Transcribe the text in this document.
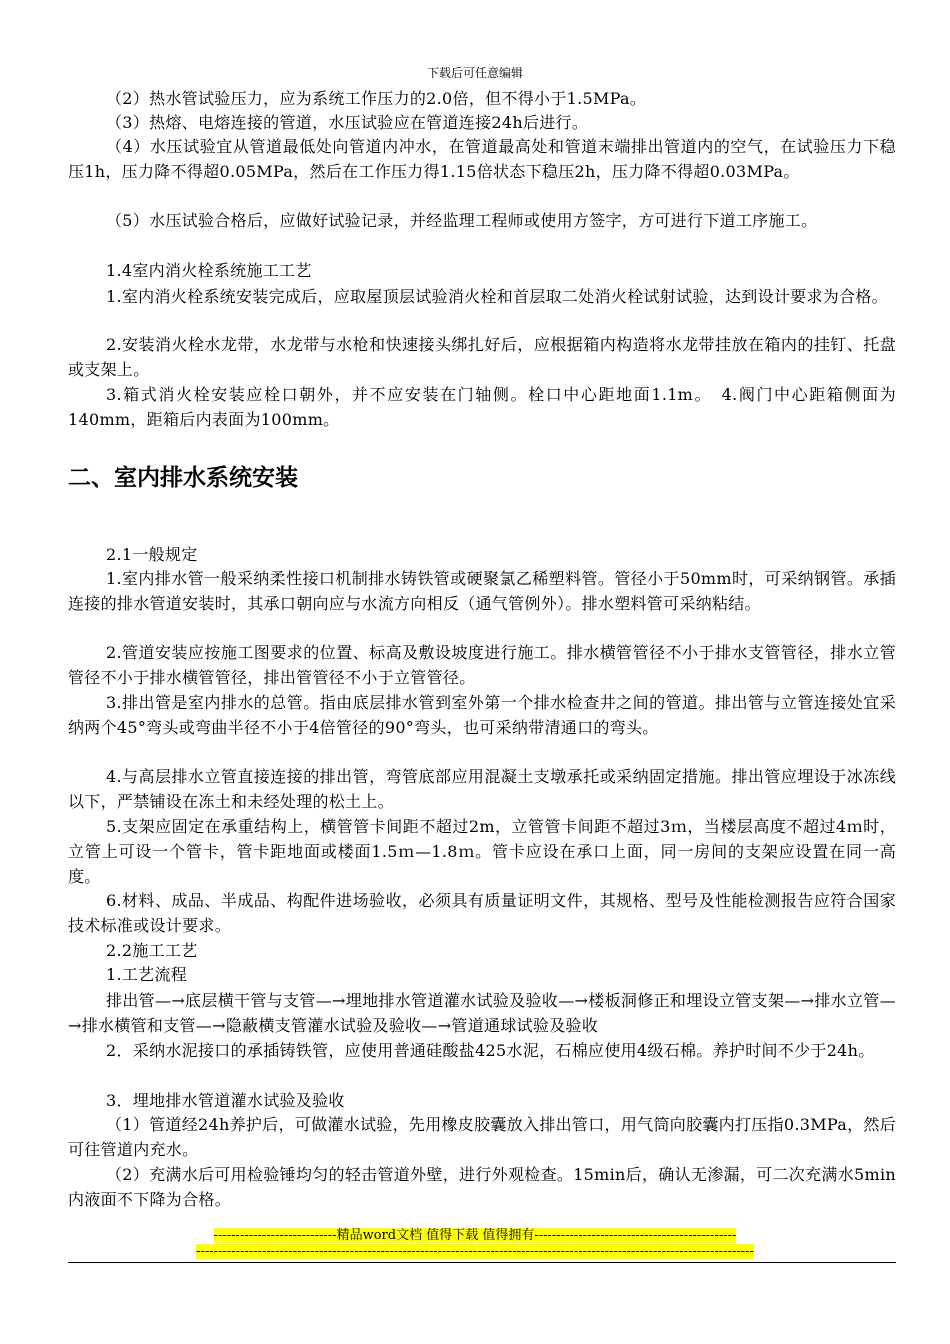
下载后可任意编辑
（2）热水管试验压力，应为系统工作压力的2.0倍，但不得小于1.5MPa。
（3）热熔、电熔连接的管道，水压试验应在管道连接24h后进行。
（4）水压试验宜从管道最低处向管道内冲水，在管道最高处和管道末端排出管道内的空气，在试验压力下稳压1h，压力降不得超0.05MPa，然后在工作压力得1.15倍状态下稳压2h，压力降不得超0.03MPa。
（5）水压试验合格后，应做好试验记录，并经监理工程师或使用方签字，方可进行下道工序施工。
1.4室内消火栓系统施工工艺
1.室内消火栓系统安装完成后，应取屋顶层试验消火栓和首层取二处消火栓试射试验，达到设计要求为合格。
2.安装消火栓水龙带，水龙带与水枪和快速接头绑扎好后，应根据箱内构造将水龙带挂放在箱内的挂钉、托盘或支架上。
3.箱式消火栓安装应栓口朝外，并不应安装在门轴侧。栓口中心距地面1.1m。　4.阀门中心距箱侧面为140mm，距箱后内表面为100mm。
二、室内排水系统安装
2.1一般规定
1.室内排水管一般采纳柔性接口机制排水铸铁管或硬聚氯乙稀塑料管。管径小于50mm时，可采纳钢管。承插连接的排水管道安装时，其承口朝向应与水流方向相反（通气管例外）。排水塑料管可采纳粘结。
2.管道安装应按施工图要求的位置、标高及敷设坡度进行施工。排水横管管径不小于排水支管管径，排水立管管径不小于排水横管管径，排出管管径不小于立管管径。
3.排出管是室内排水的总管。指由底层排水管到室外第一个排水检查井之间的管道。排出管与立管连接处宜采纳两个45°弯头或弯曲半径不小于4倍管径的90°弯头，也可采纳带清通口的弯头。
4.与高层排水立管直接连接的排出管，弯管底部应用混凝土支墩承托或采纳固定措施。排出管应埋设于冰冻线以下，严禁铺设在冻土和未经处理的松土上。
5.支架应固定在承重结构上，横管管卡间距不超过2m，立管管卡间距不超过3ｍ，当楼层高度不超过4ｍ时，立管上可设一个管卡，管卡距地面或楼面1.5ｍ—1.8ｍ。管卡应设在承口上面，同一房间的支架应设置在同一高度。
6.材料、成品、半成品、构配件进场验收，必须具有质量证明文件，其规格、型号及性能检测报告应符合国家技术标准或设计要求。
2.2施工工艺
1.工艺流程
排出管—→底层横干管与支管—→埋地排水管道灌水试验及验收—→楼板洞修正和埋设立管支架—→排水立管—→排水横管和支管—→隐蔽横支管灌水试验及验收—→管道通球试验及验收
2．采纳水泥接口的承插铸铁管，应使用普通硅酸盐425水泥，石棉应使用4级石棉。养护时间不少于24h。
3．埋地排水管道灌水试验及验收
（1）管道经24h养护后，可做灌水试验，先用橡皮胶囊放入排出管口，用气筒向胶囊内打压指0.3MPa，然后可往管道内充水。
（2）充满水后可用检验锤均匀的轻击管道外壁，进行外观检查。15min后，确认无渗漏，可二次充满水5min内液面不下降为合格。
----------------------------精品word文档 值得下载 值得拥有----------------------------------------------
-------------------------------------------------------------------------------------------------------------------------------
